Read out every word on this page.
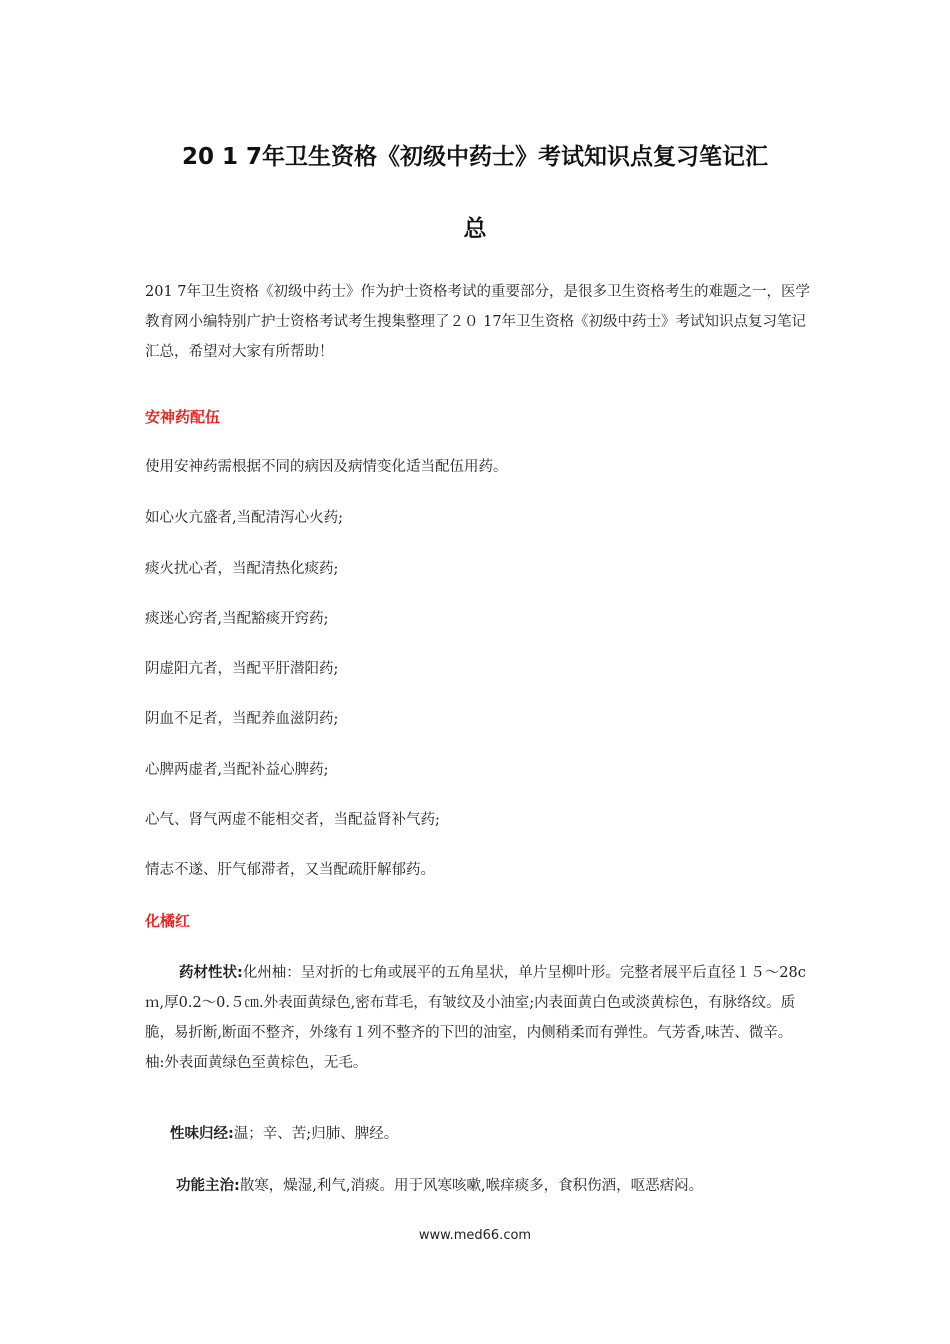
20 1 7年卫生资格《初级中药士》考试知识点复习笔记汇
总

201 7年卫生资格《初级中药士》作为护士资格考试的重要部分，是很多卫生资格考生的难题之一，医学教育网小编特别广护士资格考试考生搜集整理了２０ 17年卫生资格《初级中药士》考试知识点复习笔记汇总，希望对大家有所帮助！

安神药配伍

使用安神药需根据不同的病因及病情变化适当配伍用药。

如心火亢盛者,当配清泻心火药;

痰火扰心者，当配清热化痰药;

痰迷心窍者,当配豁痰开窍药;

阴虚阳亢者，当配平肝潜阳药;

阴血不足者，当配养血滋阴药;

心脾两虚者,当配补益心脾药;

心气、肾气两虚不能相交者，当配益肾补气药;

情志不遂、肝气郁滞者，又当配疏肝解郁药。

化橘红

药材性状:化州柚：呈对折的七角或展平的五角星状，单片呈柳叶形。完整者展平后直径１５～28cｍ,厚0.2～0.５㎝.外表面黄绿色,密布茸毛，有皱纹及小油室;内表面黄白色或淡黄棕色，有脉络纹。质脆，易折断,断面不整齐，外缘有１列不整齐的下凹的油室，内侧稍柔而有弹性。气芳香,味苦、微辛。柚:外表面黄绿色至黄棕色，无毛。

性味归经:温；辛、苦;归肺、脾经。

功能主治:散寒，燥湿,利气,消痰。用于风寒咳嗽,喉痒痰多，食积伤酒，呕恶痞闷。

www.med66.com
